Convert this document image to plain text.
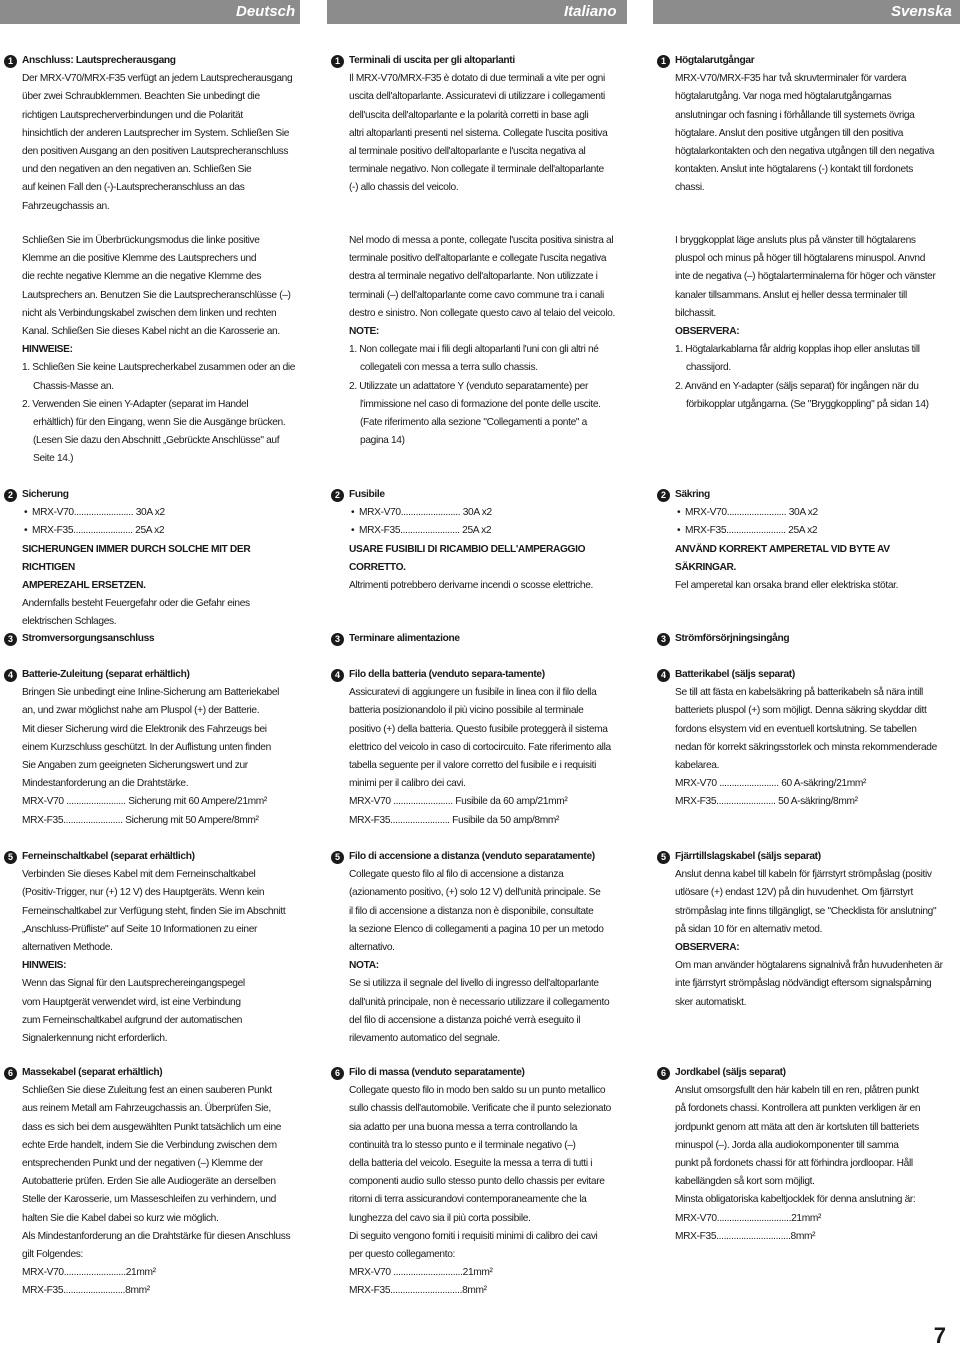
Deutsch	Italiano	Svenska
1 Anschluss: Lautsprecherausgang
Der MRX-V70/MRX-F35 verfügt an jedem Lautsprecherausgang
über zwei Schraubklemmen. Beachten Sie unbedingt die
richtigen Lautsprecherverbindungen und die Polarität
hinsichtlich der anderen Lautsprecher im System. Schließen Sie
den positiven Ausgang an den positiven Lautsprecheranschluss
und den negativen an den negativen an. Schließen Sie
auf keinen Fall den (-)-Lautsprecheranschluss an das
Fahrzeugchassis an.
Schließen Sie im Überbrückungsmodus die linke positive
Klemme an die positive Klemme des Lautsprechers und
die rechte negative Klemme an die negative Klemme des
Lautsprechers an. Benutzen Sie die Lautsprecheranschlüsse (–)
nicht als Verbindungskabel zwischen dem linken und rechten
Kanal. Schließen Sie dieses Kabel nicht an die Karosserie an.
HINWEISE:
1. Schließen Sie keine Lautsprecherkabel zusammen oder an die
Chassis-Masse an.
2. Verwenden Sie einen Y-Adapter (separat im Handel
erhältlich) für den Eingang, wenn Sie die Ausgänge brücken.
(Lesen Sie dazu den Abschnitt „Gebrückte Anschlüsse" auf
Seite 14.)
2 Sicherung
• MRX-V70........................ 30A x2
• MRX-F35........................ 25A x2
SICHERUNGEN IMMER DURCH SOLCHE MIT DER RICHTIGEN
AMPEREZAHL ERSETZEN.
Andernfalls besteht Feuergefahr oder die Gefahr eines
elektrischen Schlages.
3 Stromversorgungsanschluss
4 Batterie-Zuleitung (separat erhältlich)
Bringen Sie unbedingt eine Inline-Sicherung am Batteriekabel
an, und zwar möglichst nahe am Pluspol (+) der Batterie.
Mit dieser Sicherung wird die Elektronik des Fahrzeugs bei
einem Kurzschluss geschützt. In der Auflistung unten finden
Sie Angaben zum geeigneten Sicherungswert und zur
Mindestanforderung an die Drahtstärke.
MRX-V70 ........................ Sicherung mit 60 Ampere/21mm²
MRX-F35........................ Sicherung mit 50 Ampere/8mm²
5 Ferneinschaltkabel (separat erhältlich)
Verbinden Sie dieses Kabel mit dem Ferneinschaltkabel
(Positiv-Trigger, nur (+) 12 V) des Hauptgeräts. Wenn kein
Ferneinschaltkabel zur Verfügung steht, finden Sie im Abschnitt
„Anschluss-Prüfliste" auf Seite 10 Informationen zu einer
alternativen Methode.
HINWEIS:
Wenn das Signal für den Lautsprechereingangspegel
vom Hauptgerät verwendet wird, ist eine Verbindung
zum Ferneinschaltkabel aufgrund der automatischen
Signalerkennung nicht erforderlich.
6 Massekabel (separat erhältlich)
Schließen Sie diese Zuleitung fest an einen sauberen Punkt
aus reinem Metall am Fahrzeugchassis an. Überprüfen Sie,
dass es sich bei dem ausgewählten Punkt tatsächlich um eine
echte Erde handelt, indem Sie die Verbindung zwischen dem
entsprechenden Punkt und der negativen (–) Klemme der
Autobatterie prüfen. Erden Sie alle Audiogeräte an derselben
Stelle der Karosserie, um Masseschleifen zu verhindern, und
halten Sie die Kabel dabei so kurz wie möglich.
Als Mindestanforderung an die Drahtstärke für diesen Anschluss
gilt Folgendes:
MRX-V70.........................21mm²
MRX-F35.........................8mm²
1 Terminali di uscita per gli altoparlanti
Il MRX-V70/MRX-F35 è dotato di due terminali a vite per ogni
uscita dell'altoparlante. Assicuratevi di utilizzare i collegamenti
dell'uscita dell'altoparlante e la polarità corretti in base agli
altri altoparlanti presenti nel sistema. Collegate l'uscita positiva
al terminale positivo dell'altoparlante e l'uscita negativa al
terminale negativo. Non collegate il terminale dell'altoparlante
(-) allo chassis del veicolo.
Nel modo di messa a ponte, collegate l'uscita positiva sinistra al
terminale positivo dell'altoparlante e collegate l'uscita negativa
destra al terminale negativo dell'altoparlante. Non utilizzate i
terminali (–) dell'altoparlante come cavo commune tra i canali
destro e sinistro. Non collegate questo cavo al telaio del veicolo.
NOTE:
1. Non collegate mai i fili degli altoparlanti l'uni con gli altri né
collegateli con messa a terra sullo chassis.
2. Utilizzate un adattatore Y (venduto separatamente) per
l'immissione nel caso di formazione del ponte delle uscite.
(Fate riferimento alla sezione "Collegamenti a ponte" a
pagina 14)
2 Fusibile
• MRX-V70........................ 30A x2
• MRX-F35........................ 25A x2
USARE FUSIBILI DI RICAMBIO DELL'AMPERAGGIO
CORRETTO.
Altrimenti potrebbero derivarne incendi o scosse elettriche.
3 Terminare alimentazione
4 Filo della batteria (venduto separa-tamente)
Assicuratevi di aggiungere un fusibile in linea con il filo della
batteria posizionandolo il più vicino possibile al terminale
positivo (+) della batteria. Questo fusibile proteggerà il sistema
elettrico del veicolo in caso di cortocircuito. Fate riferimento alla
tabella seguente per il valore corretto del fusibile e i requisiti
minimi per il calibro dei cavi.
MRX-V70 ........................ Fusibile da 60 amp/21mm²
MRX-F35........................ Fusibile da 50 amp/8mm²
5 Filo di accensione a distanza (venduto separatamente)
Collegate questo filo al filo di accensione a distanza
(azionamento positivo, (+) solo 12 V) dell'unità principale. Se
il filo di accensione a distanza non è disponibile, consultate
la sezione Elenco di collegamenti a pagina 10 per un metodo
alternativo.
NOTA:
Se si utilizza il segnale del livello di ingresso dell'altoparlante
dall'unità principale, non è necessario utilizzare il collegamento
del filo di accensione a distanza poiché verrà eseguito il
rilevamento automatico del segnale.
6 Filo di massa (venduto separatamente)
Collegate questo filo in modo ben saldo su un punto metallico
sullo chassis dell'automobile. Verificate che il punto selezionato
sia adatto per una buona messa a terra controllando la
continuità tra lo stesso punto e il terminale negativo (–)
della batteria del veicolo. Eseguite la messa a terra di tutti i
componenti audio sullo stesso punto dello chassis per evitare
ritorni di terra assicurandovi contemporaneamente che la
lunghezza del cavo sia il più corta possibile.
Di seguito vengono forniti i requisiti minimi di calibro dei cavi
per questo collegamento:
MRX-V70 ............................21mm²
MRX-F35.............................8mm²
1 Högtalarutgångar
MRX-V70/MRX-F35 har två skruvterminaler för vardera
högtalarutgång. Var noga med högtalarutgångarnas
anslutningar och fasning i förhållande till systemets övriga
högtalare. Anslut den positive utgången till den positiva
högtalarkontakten och den negativa utgången till den negativa
kontakten. Anslut inte högtalarens (-) kontakt till fordonets
chassi.
I bryggkopplat läge ansluts plus på vänster till högtalarens
pluspol och minus på höger till högtalarens minuspol. Anvnd
inte de negativa (–) högtalarterminalerna för höger och vänster
kanaler tillsammans. Anslut ej heller dessa terminaler till
bilchassit.
OBSERVERA:
1. Högtalarkablarna får aldrig kopplas ihop eller anslutas till
chassijord.
2. Använd en Y-adapter (säljs separat) för ingången när du
förbikopplar utgångarna. (Se "Bryggkoppling" på sidan 14)
2 Säkring
• MRX-V70........................ 30A x2
• MRX-F35........................ 25A x2
ANVÄND KORREKT AMPERETAL VID BYTE AV SÄKRINGAR.
Fel amperetal kan orsaka brand eller elektriska stötar.
3 Strömförsörjningsingång
4 Batterikabel (säljs separat)
Se till att fästa en kabelsäkring på batterikabeln så nära intill
batteriets pluspol (+) som möjligt. Denna säkring skyddar ditt
fordons elsystem vid en eventuell kortslutning. Se tabellen
nedan för korrekt säkringsstorlek och minsta rekommenderade
kabelarea.
MRX-V70 ........................ 60 A-säkring/21mm²
MRX-F35........................ 50 A-säkring/8mm²
5 Fjärrtillslagskabel (säljs separat)
Anslut denna kabel till kabeln för fjärrstyrt strömpåslag (positiv
utlösare (+) endast 12V) på din huvudenhet. Om fjärrstyrt
strömpåslag inte finns tillgängligt, se "Checklista för anslutning"
på sidan 10 för en alternativ metod.
OBSERVERA:
Om man använder högtalarens signalnivå från huvudenheten är
inte fjärrstyrt strömpåslag nödvändigt eftersom signalspårning
sker automatiskt.
6 Jordkabel (säljs separat)
Anslut omsorgsfullt den här kabeln till en ren, plåtren punkt
på fordonets chassi. Kontrollera att punkten verkligen är en
jordpunkt genom att mäta att den är kortsluten till batteriets
minuspol (–). Jorda alla audiokomponenter till samma
punkt på fordonets chassi för att förhindra jordloopar. Håll
kabellängden så kort som möjligt.
Minsta obligatoriska kabeltjocklek för denna anslutning är:
MRX-V70..............................21mm²
MRX-F35..............................8mm²
7
